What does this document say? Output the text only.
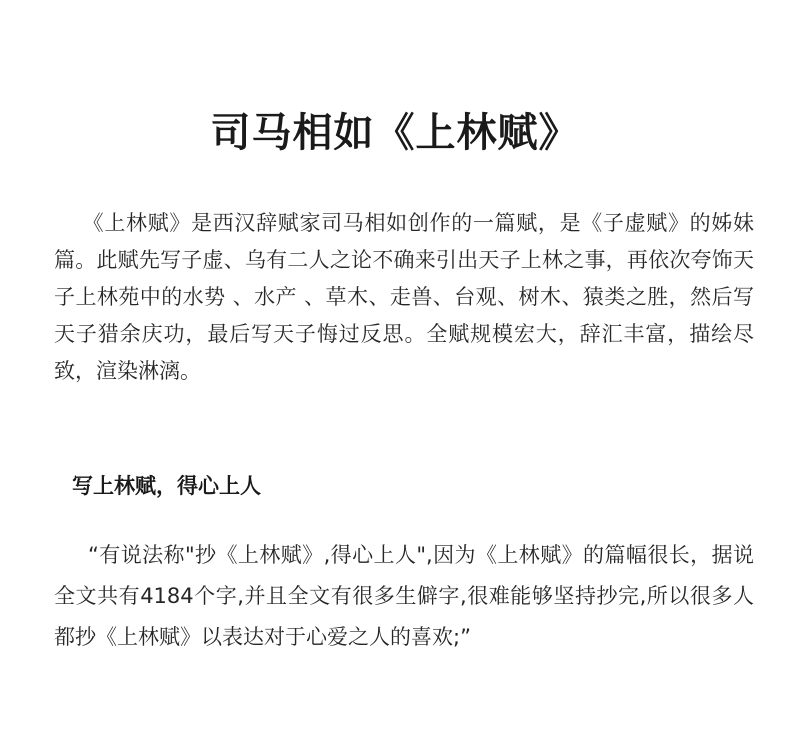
司马相如《上林赋》

《上林赋》是西汉辞赋家司马相如创作的一篇赋，是《子虚赋》的姊妹篇。此赋先写子虚、乌有二人之论不确来引出天子上林之事，再依次夸饰天子上林苑中的水势 、水产 、草木、走兽、台观、树木、猿类之胜，然后写天子猎余庆功，最后写天子悔过反思。全赋规模宏大，辞汇丰富，描绘尽致，渲染淋漓。

写上林赋，得心上人

“有说法称"抄《上林赋》,得心上人",因为《上林赋》的篇幅很长，据说全文共有4184个字,并且全文有很多生僻字,很难能够坚持抄完,所以很多人都抄《上林赋》以表达对于心爱之人的喜欢;”
